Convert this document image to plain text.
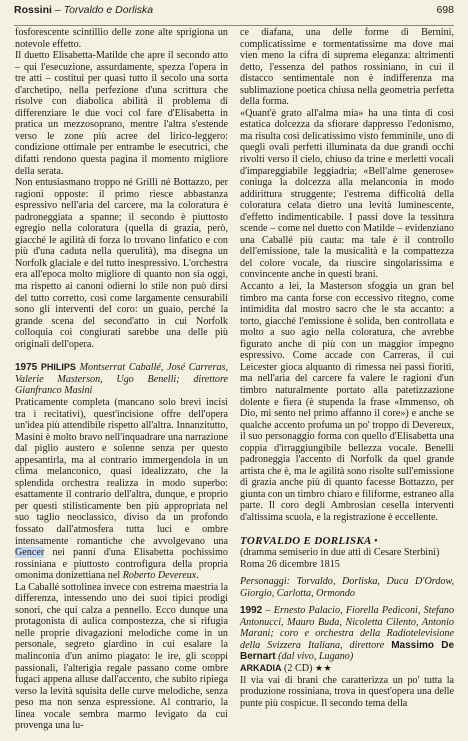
Rossini – Torvaldo e Dorliska	698

fosforescente scintillio delle zone alte sprigiona un notevole effetto.

Il duetto Elisabetta-Matilde che apre il secondo atto – qui l'esecuzione, assurdamente, spezza l'opera in tre atti – costituì per quasi tutto il secolo una sorta d'archetipo, nella perfezione d'una scrittura che risolve con diabolica abilità il problema di differenziare le due voci col fare d'Elisabetta in pratica un mezzosoprano, mentre l'altra s'estende verso le zone più acree del lirico-leggero: condizione ottimale per entrambe le esecutrici, che difatti rendono questa pagina il momento migliore della serata.

Non entusiasmano troppo né Grilli né Bottazzo, per ragioni opposte: il primo riesce abbastanza espressivo nell'aria del carcere, ma la coloratura è padroneggiata a spanne; il secondo è piuttosto egregio nella coloratura (quella di grazia, però, giacché le agilità di forza lo trovano linfatico e con più d'una caduta nella querulità), ma disegna un Norfolk glaciale e del tutto inespressivo. L'orchestra era all'epoca molto migliore di quanto non sia oggi, ma rispetto ai canoni odierni lo stile non può dirsi del tutto corretto, così come largamente censurabili sono gli interventi del coro: un guaio, perché la grande scena del second'atto in cui Norfolk colloquia coi congiurati sarebbe una delle più originali dell'opera.

1975 PHILIPS Montserrat Caballé, José Carreras, Valerie Masterson, Ugo Benelli; direttore Gianfranco Masini

Praticamente completa (mancano solo brevi incisi tra i recitativi), quest'incisione offre dell'opera un'idea più attendibile rispetto all'altra. Innanzitutto, Masini è molto bravo nell'inquadrare una narrazione dal piglio austero e solenne senza per questo appesantirla, ma al contrario immergendola in un clima melanconico, quasi idealizzato, che la splendida orchestra realizza in modo superbo: esattamente il contrario dell'altra, dunque, e proprio per questi stilisticamente ben più appropriata nel suo taglio neoclassico, diviso da un profondo fossato dall'atmosfera tutta luci e ombre intensamente romantiche che avvolgevano una Gencer nei panni d'una Elisabetta pochissimo rossiniana e piuttosto controfigura della propria omonima donizettiana nel Roberto Devereux.

La Caballé sottolinea invece con estrema maestria la differenza, intessendo uno dei suoi tipici prodigi sonori, che qui calza a pennello. Ecco dunque una protagonista di aulica compostezza, che si rifugia nelle proprie divagazioni melodiche come in un personale, segreto giardino in cui esalare la malinconia d'un animo piagato: le ire, gli scoppi passionali, l'alterigia regale passano come ombre fugaci appena alluse dall'accento, che subito ripiega verso la levità squisita delle curve melodiche, senza peso ma non senza espressione. Al contrario, la linea vocale sembra marmo levigato da cui provenga una lu-

ce diafana, una delle forme di Bernini, complicatissime e tormentatissime ma dove mai vien meno la cifra di suprema eleganza: altrimenti detto, l'essenza del pathos rossiniano, in cui il distacco sentimentale non è indifferenza ma sublimazione poetica chiusa nella geometria perfetta della forma.

«Quant'è grato all'alma mia» ha una tinta di così estatica dolcezza da sfiorare dappresso l'edonismo, ma risulta così delicatissimo visto femminile, uno di quegli ovali perfetti illuminata da due grandi occhi rivolti verso il cielo, chiuso da trine e merletti vocali d'impareggiabile leggiadria; «Bell'alme generose» coniuga la dolcezza alla melanconia in modo addirittura struggente; l'estrema difficoltà della coloratura celata dietro una levità luminescente, d'effetto indimenticabile. I passi dove la tessitura scende – come nel duetto con Matilde – evidenziano una Caballé più cauta: ma tale è il controllo dell'emissione, tale la musicalità e la compattezza del colore vocale, da riuscire singolarissima e convincente anche in questi brani.

Accanto a lei, la Masterson sfoggia un gran bel timbro ma canta forse con eccessivo ritegno, come intimidita dal mostro sacro che le sta accanto: a torto, giacché l'emissione è solida, ben controllata e molto a suo agio nella coloratura, che avrebbe figurato anche di più con un maggior impegno espressivo. Come accade con Carreras, il cui Leicester gioca alquanto di rimessa nei passi fioriti, ma nell'aria del carcere fa valere le ragioni d'un timbro naturalmente portato alla patetizzazione dolente e fiera (è stupenda la frase «Immenso, oh Dio, mi sento nel primo affanno il core») e anche se qualche accento profuma un po' troppo di Devereux, il suo personaggio forma con quello d'Elisabetta una coppia d'irraggiungibile bellezza vocale. Benelli padroneggia l'accento di Norfolk da quel grande artista che è, ma le agilità sono risolte sull'emissione di grazia anche più di quanto facesse Bottazzo, per giunta con un timbro chiaro e filiforme, estraneo alla parte. Il coro degli Ambrosian cesella interventi d'altissima scuola, e la registrazione è eccellente.

TORVALDO E DORLISKA •

(dramma semiserio in due atti di Cesare Sterbini)

Roma 26 dicembre 1815

Personaggi: Torvaldo, Dorliska, Duca D'Ordow, Giorgio, Carlotta, Ormondo

1992 – Ernesto Palacio, Fiorella Pediconi, Stefano Antonucci, Mauro Buda, Nicoletta Cilento, Antonio Marani; coro e orchestra della Radiotelevisione della Svizzera Italiana, direttore Massimo De Bernart (dal vivo, Lugano)

ARKADIA (2 CD) ★★

Il via vai di brani che caratterizza un po' tutta la produzione rossiniana, trova in quest'opera una delle punte più cospicue. Il secondo tema della
